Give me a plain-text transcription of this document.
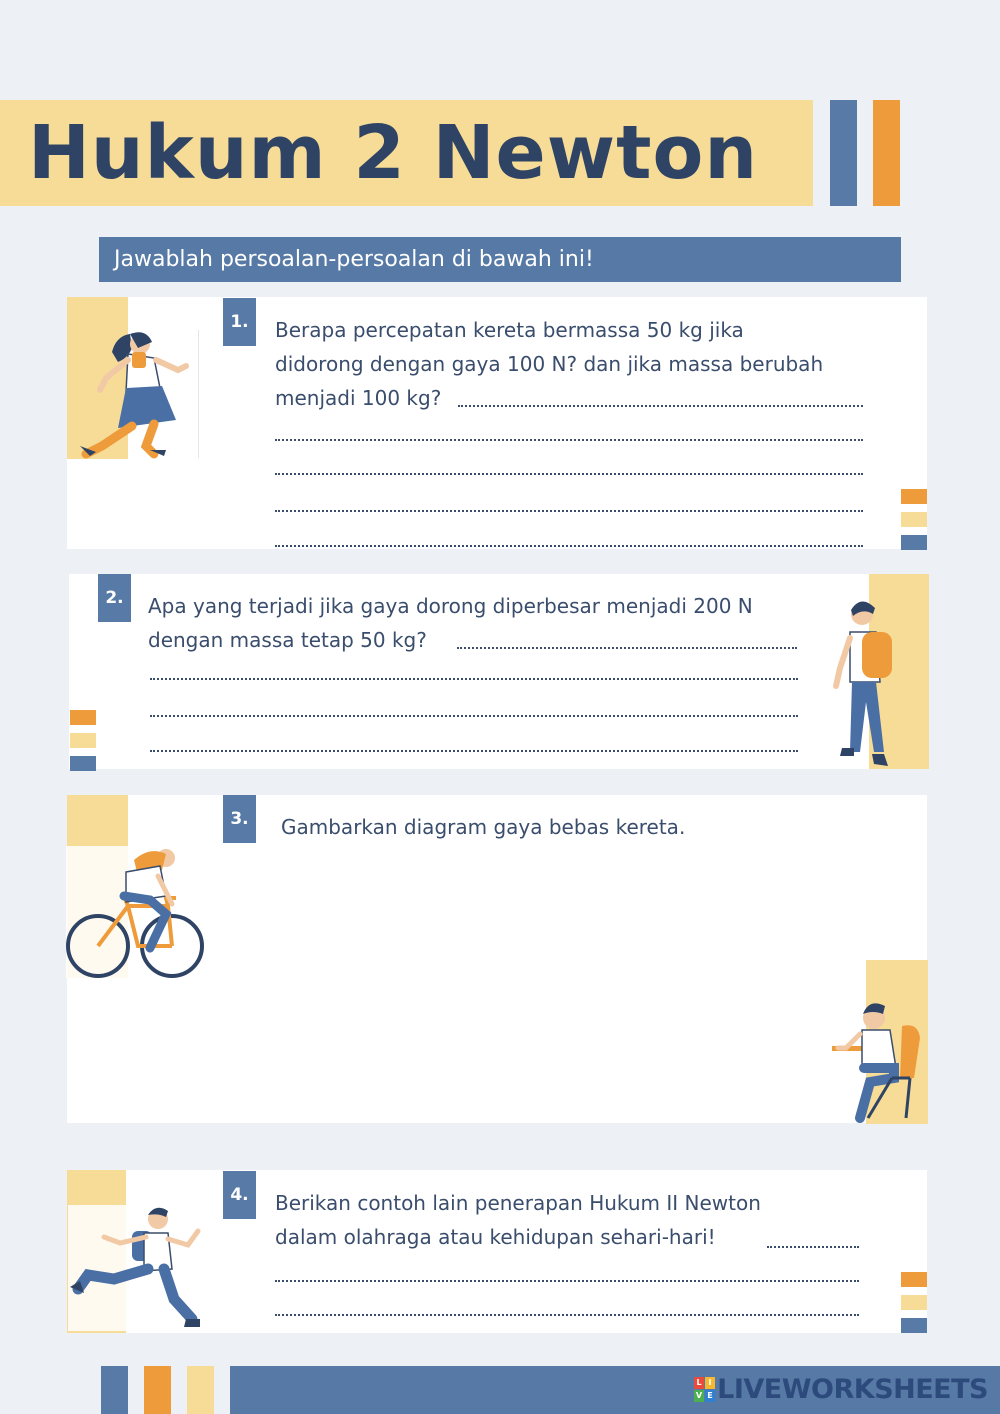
Hukum 2 Newton
Jawablah persoalan-persoalan di bawah ini!
1.	Berapa percepatan kereta bermassa 50 kg jika
didorong dengan gaya 100 N? dan jika massa berubah
menjadi 100 kg?
2.	Apa yang terjadi jika gaya dorong diperbesar menjadi 200 N
dengan massa tetap 50 kg?
3.	Gambarkan diagram gaya bebas kereta.
4.	Berikan contoh lain penerapan Hukum II Newton
dalam olahraga atau kehidupan sehari-hari!
L I
V E LIVEWORKSHEETS
